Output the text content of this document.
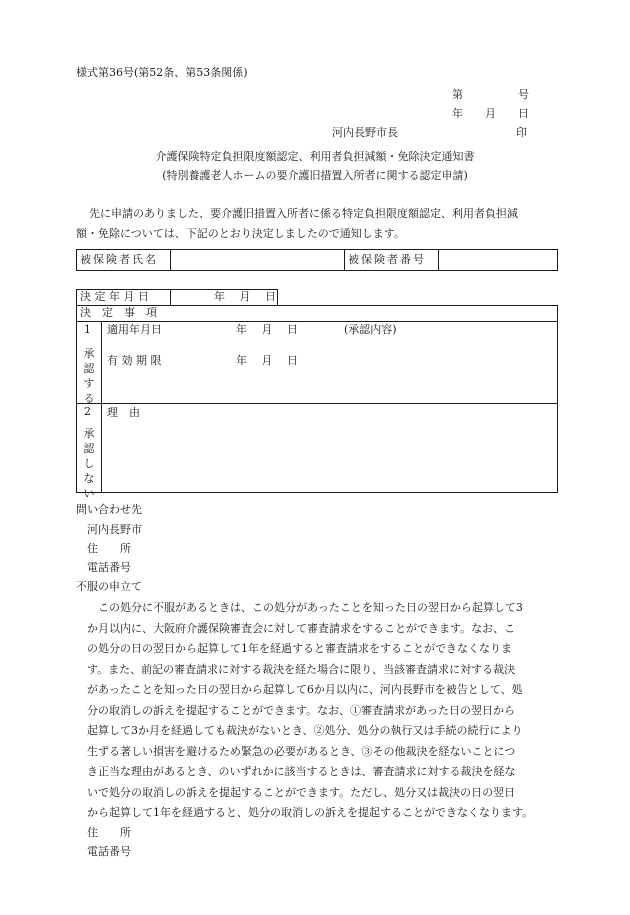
様式第36号(第52条、第53条関係)
第　　　　　号
年　　月　　日
河内長野市長	印
介護保険特定負担限度額認定、利用者負担減額・免除決定通知書
(特別養護老人ホームの要介護旧措置入所者に関する認定申請)
先に申請のありました、要介護旧措置入所者に係る特定負担限度額認定、利用者負担減
額・免除については、下記のとおり決定しましたので通知します。
被保険者氏名	被保険者番号
決 定 年 月 日	年　 月　 日
決　定　事　項
1
承認する
適用年月日	年　 月　 日	(承認内容)
有 効 期 限	年　 月　 日
2
承認しない
理　由
問い合わせ先
河内長野市
住　　所
電話番号
不服の申立て
この処分に不服があるときは、この処分があったことを知った日の翌日から起算して3
か月以内に、大阪府介護保険審査会に対して審査請求をすることができます。なお、こ
の処分の日の翌日から起算して1年を経過すると審査請求をすることができなくなりま
す。また、前記の審査請求に対する裁決を経た場合に限り、当該審査請求に対する裁決
があったことを知った日の翌日から起算して6か月以内に、河内長野市を被告として、処
分の取消しの訴えを提起することができます。なお、①審査請求があった日の翌日から
起算して3か月を経過しても裁決がないとき、②処分、処分の執行又は手続の続行により
生ずる著しい損害を避けるため緊急の必要があるとき、③その他裁決を経ないことにつ
き正当な理由があるとき、のいずれかに該当するときは、審査請求に対する裁決を経な
いで処分の取消しの訴えを提起することができます。ただし、処分又は裁決の日の翌日
から起算して1年を経過すると、処分の取消しの訴えを提起することができなくなります。
住　　所
電話番号
